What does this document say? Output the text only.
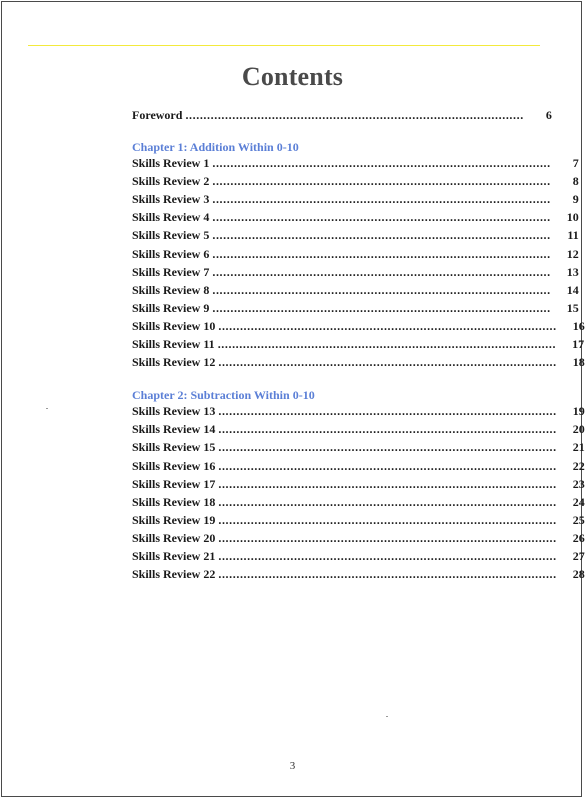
Contents
Foreword ..............................................................................................	6
Chapter 1: Addition Within 0-10
Skills Review 1 ..............................................................................................	7
Skills Review 2 ..............................................................................................	8
Skills Review 3 ..............................................................................................	9
Skills Review 4 ..............................................................................................	10
Skills Review 5 ..............................................................................................	11
Skills Review 6 ..............................................................................................	12
Skills Review 7 ..............................................................................................	13
Skills Review 8 ..............................................................................................	14
Skills Review 9 ..............................................................................................	15
Skills Review 10 ..............................................................................................	16
Skills Review 11 ..............................................................................................	17
Skills Review 12 ..............................................................................................	18
Chapter 2: Subtraction Within 0-10
Skills Review 13 ..............................................................................................	19
Skills Review 14 ..............................................................................................	20
Skills Review 15 ..............................................................................................	21
Skills Review 16 ..............................................................................................	22
Skills Review 17 ..............................................................................................	23
Skills Review 18 ..............................................................................................	24
Skills Review 19 ..............................................................................................	25
Skills Review 20 ..............................................................................................	26
Skills Review 21 ..............................................................................................	27
Skills Review 22 ..............................................................................................	28
3
